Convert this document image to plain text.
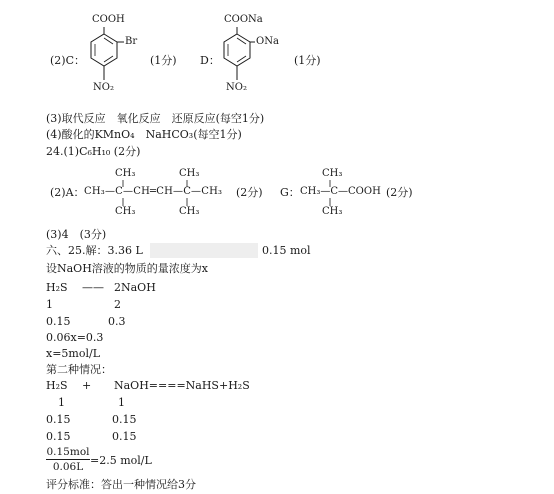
(2)C：
COOH
Br
NO₂
(1分) D：
COONa
ONa
NO₂
(1分)
(3)取代反应　氧化反应　还原反应(每空1分)
(4)酸化的KMnO₄　NaHCO₃(每空1分)
24.(1)C₆H₁₀ (2分)
(2)A：
CH₃	CH₃
CH₃—C—CH═CH—C—CH₃
CH₃	CH₃
(2分) G：
CH₃
CH₃—C—COOH
CH₃
(2分)
(3)4　(3分)
六、25.解：3.36 L	0.15 mol
设NaOH溶液的物质的量浓度为x
H₂S —— 2NaOH
1	2
0.15	0.3
0.06x=0.3
x=5mol/L
第二种情况：
H₂S + NaOH====NaHS+H₂S
1	1
0.15	0.15
0.15	0.15
0.15mol
0.06L =2.5 mol/L
评分标准：答出一种情况给3分
